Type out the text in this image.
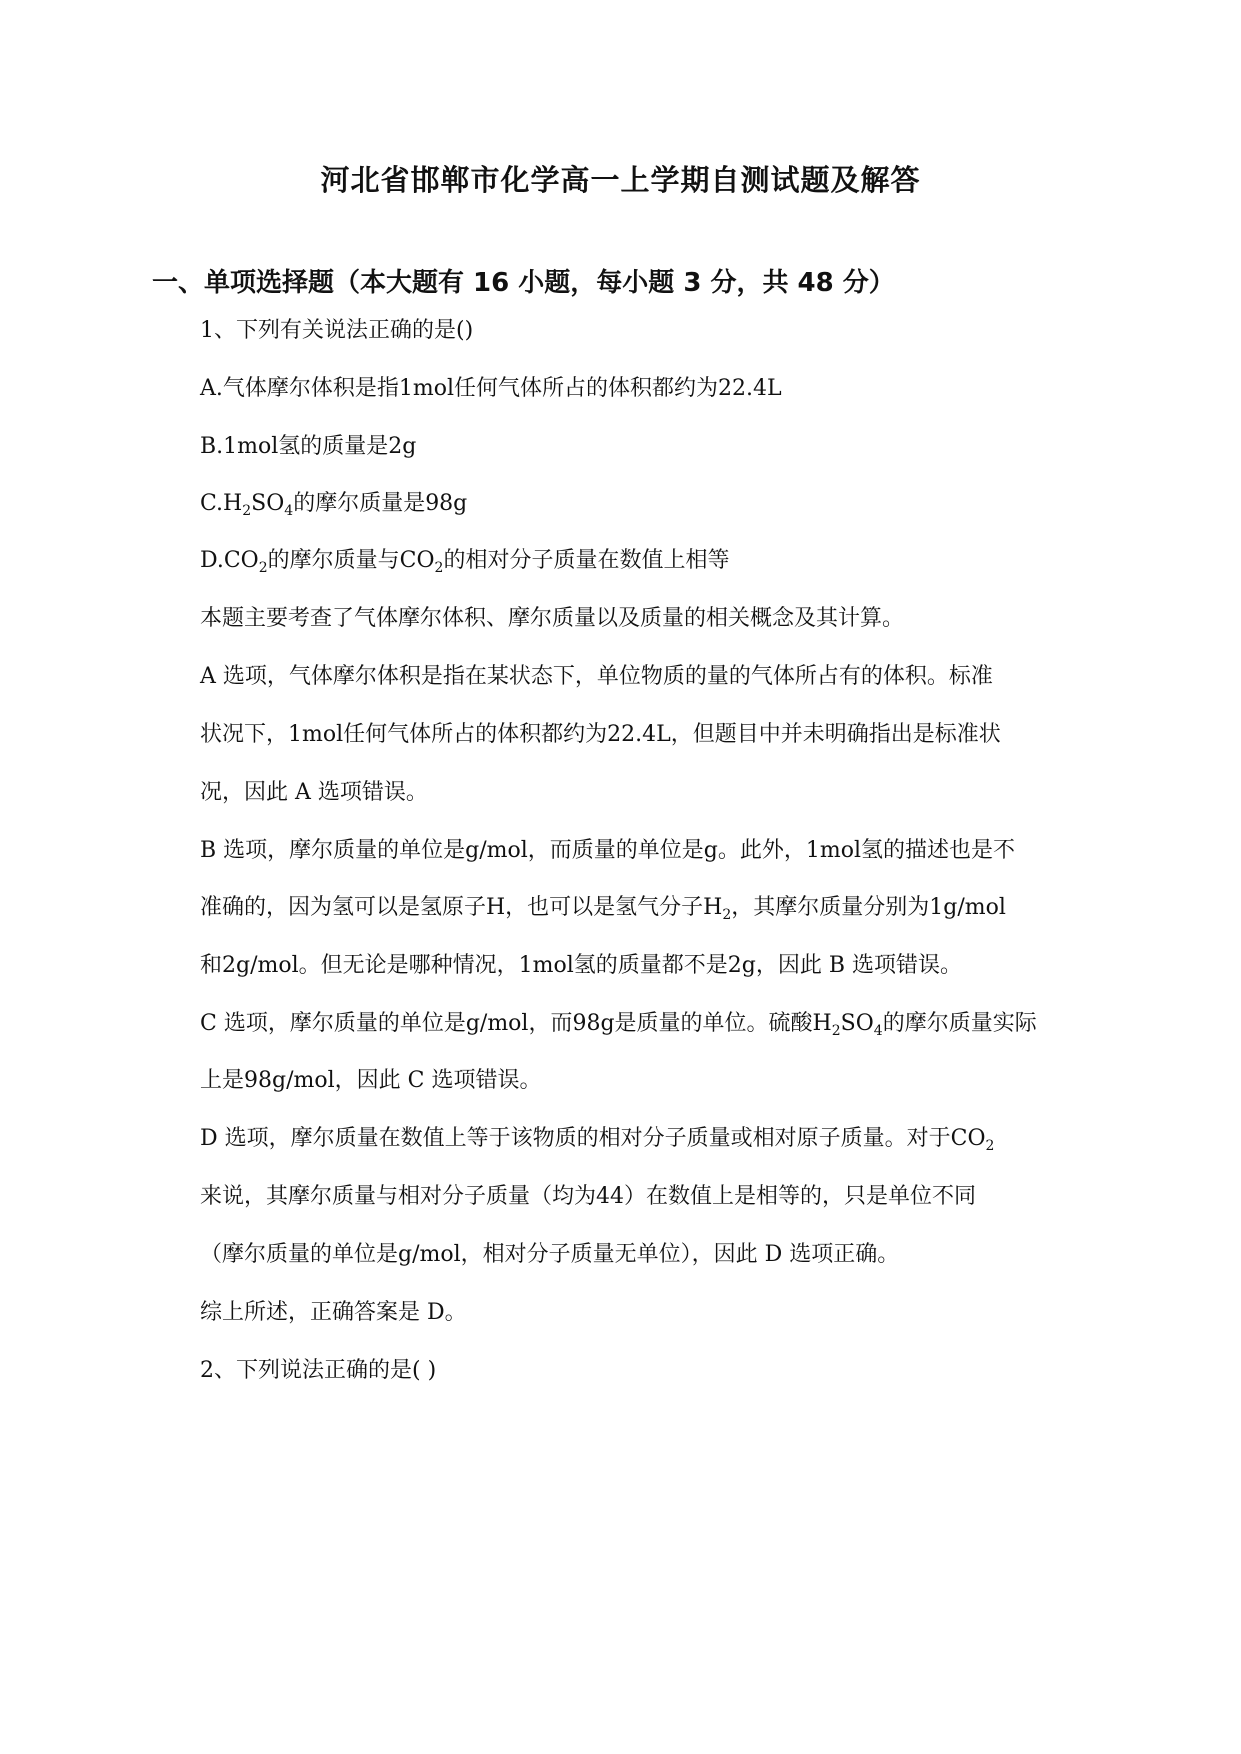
河北省邯郸市化学高一上学期自测试题及解答
一、单项选择题（本大题有 16 小题，每小题 3 分，共 48 分）
1、下列有关说法正确的是()
A.气体摩尔体积是指1mol任何气体所占的体积都约为22.4L
B.1mol氢的质量是2g
$C.H_2SO_4$的摩尔质量是98g
$D.CO_2$的摩尔质量与$CO_2$的相对分子质量在数值上相等
本题主要考查了气体摩尔体积、摩尔质量以及质量的相关概念及其计算。
A 选项，气体摩尔体积是指在某状态下，单位物质的量的气体所占有的体积。标准
状况下，1mol任何气体所占的体积都约为22.4L，但题目中并未明确指出是标准状
况，因此 A 选项错误。
B 选项，摩尔质量的单位是g/mol，而质量的单位是g。此外，1mol氢的描述也是不
准确的，因为氢可以是氢原子H，也可以是氢气分子$H_2$，其摩尔质量分别为1g/mol
和2g/mol。但无论是哪种情况，1mol氢的质量都不是2g，因此 B 选项错误。
C 选项，摩尔质量的单位是g/mol，而98g是质量的单位。硫酸$H_2SO_4$的摩尔质量实际
上是98g/mol，因此 C 选项错误。
D 选项，摩尔质量在数值上等于该物质的相对分子质量或相对原子质量。对于$CO_2$
来说，其摩尔质量与相对分子质量（均为44）在数值上是相等的，只是单位不同
（摩尔质量的单位是g/mol，相对分子质量无单位），因此 D 选项正确。
综上所述，正确答案是 D。
2、下列说法正确的是( )
